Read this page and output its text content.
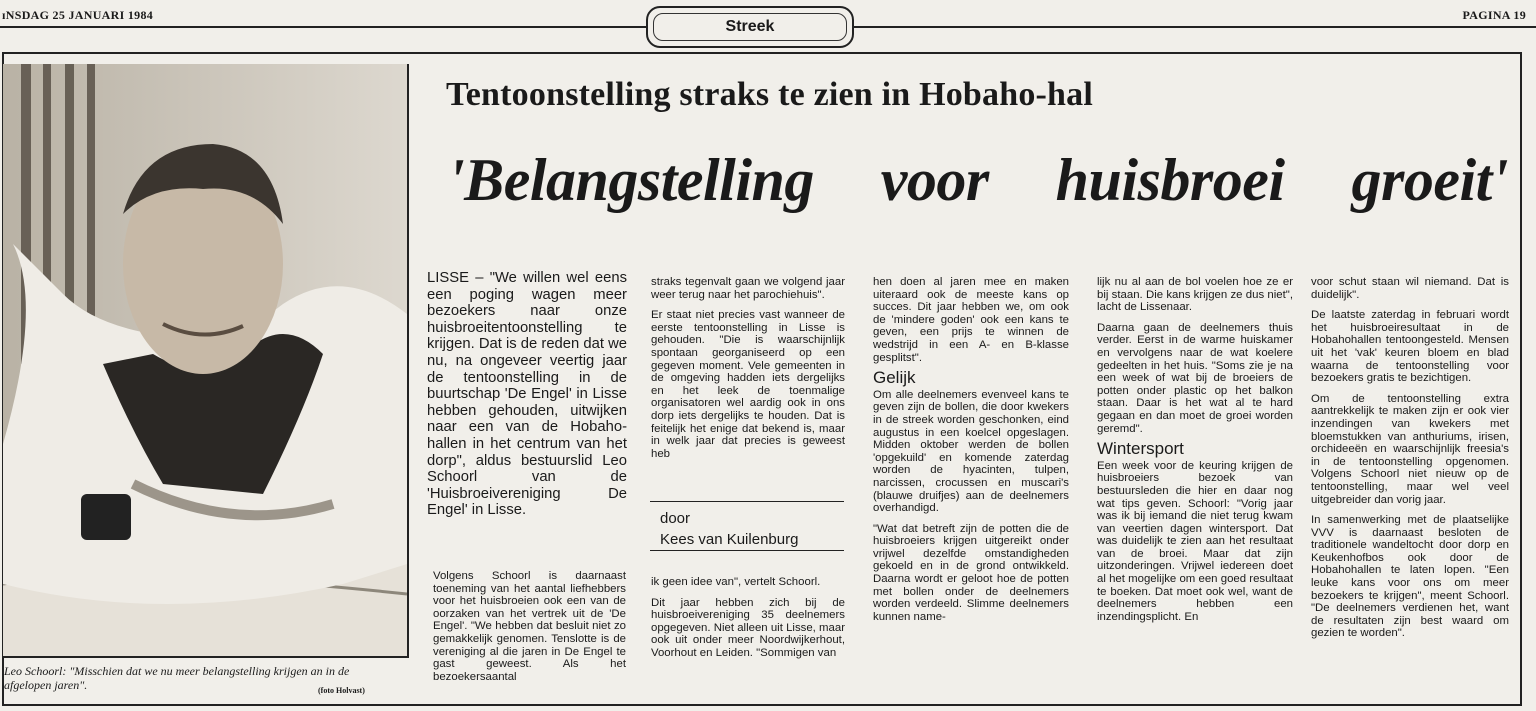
ɪNSDAG 25 JANUARI 1984	PAGINA 19
Streek
Leo Schoorl: "Misschien dat we nu meer belangstelling krijgen an in de afgelopen jaren".	(foto Holvast)
Tentoonstelling straks te zien in Hobaho-hal
'Belangstelling voor huisbroei groeit'

LISSE – "We willen wel eens een poging wagen meer bezoekers naar onze huisbroeitentoonstelling te krijgen. Dat is de reden dat we nu, na ongeveer veertig jaar de tentoonstelling in de buurtschap 'De Engel' in Lisse hebben gehouden, uitwijken naar een van de Hobaho-hallen in het centrum van het dorp", aldus bestuurslid Leo Schoorl van de 'Huisbroeivereniging De Engel' in Lisse.

Volgens Schoorl is daarnaast toeneming van het aantal liefhebbers voor het huisbroeien ook een van de oorzaken van het vertrek uit de 'De Engel'. "We hebben dat besluit niet zo gemakkelijk genomen. Tenslotte is de vereniging al die jaren in De Engel te gast geweest. Als het bezoekersaantal

straks tegenvalt gaan we volgend jaar weer terug naar het parochiehuis".

Er staat niet precies vast wanneer de eerste tentoonstelling in Lisse is gehouden. "Die is waarschijnlijk spontaan georganiseerd op een gegeven moment. Vele gemeenten in de omgeving hadden iets dergelijks en het leek de toenmalige organisatoren wel aardig ook in ons dorp iets dergelijks te houden. Dat is feitelijk het enige dat bekend is, maar in welk jaar dat precies is geweest heb

door
Kees van Kuilenburg

ik geen idee van", vertelt Schoorl.

Dit jaar hebben zich bij de huisbroeivereniging 35 deelnemers opgegeven. Niet alleen uit Lisse, maar ook uit onder meer Noordwijkerhout, Voorhout en Leiden. "Sommigen van

hen doen al jaren mee en maken uiteraard ook de meeste kans op succes. Dit jaar hebben we, om ook de 'mindere goden' ook een kans te geven, een prijs te winnen de wedstrijd in een A- en B-klasse gesplitst".

Gelijk

Om alle deelnemers evenveel kans te geven zijn de bollen, die door kwekers in de streek worden geschonken, eind augustus in een koelcel opgeslagen. Midden oktober werden de bollen 'opgekuild' en komende zaterdag worden de hyacinten, tulpen, narcissen, crocussen en muscari's (blauwe druifjes) aan de deelnemers overhandigd.

"Wat dat betreft zijn de potten die de huisbroeiers krijgen uitgereikt onder vrijwel dezelfde omstandigheden gekoeld en in de grond ontwikkeld. Daarna wordt er geloot hoe de potten met bollen onder de deelnemers worden verdeeld. Slimme deelnemers kunnen name-

lijk nu al aan de bol voelen hoe ze er bij staan. Die kans krijgen ze dus niet", lacht de Lissenaar.

Daarna gaan de deelnemers thuis verder. Eerst in de warme huiskamer en vervolgens naar de wat koelere gedeelten in het huis. "Soms zie je na een week of wat bij de broeiers de potten onder plastic op het balkon staan. Daar is het wat al te hard gegaan en dan moet de groei worden geremd".

Wintersport

Een week voor de keuring krijgen de huisbroeiers bezoek van bestuursleden die hier en daar nog wat tips geven. Schoorl: "Vorig jaar was ik bij iemand die niet terug kwam van veertien dagen wintersport. Dat was duidelijk te zien aan het resultaat van de broei. Maar dat zijn uitzonderingen. Vrijwel iedereen doet al het mogelijke om een goed resultaat te boeken. Dat moet ook wel, want de deelnemers hebben een inzendingsplicht. En

voor schut staan wil niemand. Dat is duidelijk".

De laatste zaterdag in februari wordt het huisbroeiresultaat in de Hobahohallen tentoongesteld. Mensen uit het 'vak' keuren bloem en blad waarna de tentoonstelling voor bezoekers gratis te bezichtigen.

Om de tentoonstelling extra aantrekkelijk te maken zijn er ook vier inzendingen van kwekers met bloemstukken van anthuriums, irisen, orchideeën en waarschijnlijk freesia's in de tentoonstelling opgenomen. Volgens Schoorl niet nieuw op de tentoonstelling, maar wel veel uitgebreider dan vorig jaar.

In samenwerking met de plaatselijke VVV is daarnaast besloten de traditionele wandeltocht door dorp en Keukenhofbos ook door de Hobahohallen te laten lopen. "Een leuke kans voor ons om meer bezoekers te krijgen", meent Schoorl. "De deelnemers verdienen het, want de resultaten zijn best waard om gezien te worden".
